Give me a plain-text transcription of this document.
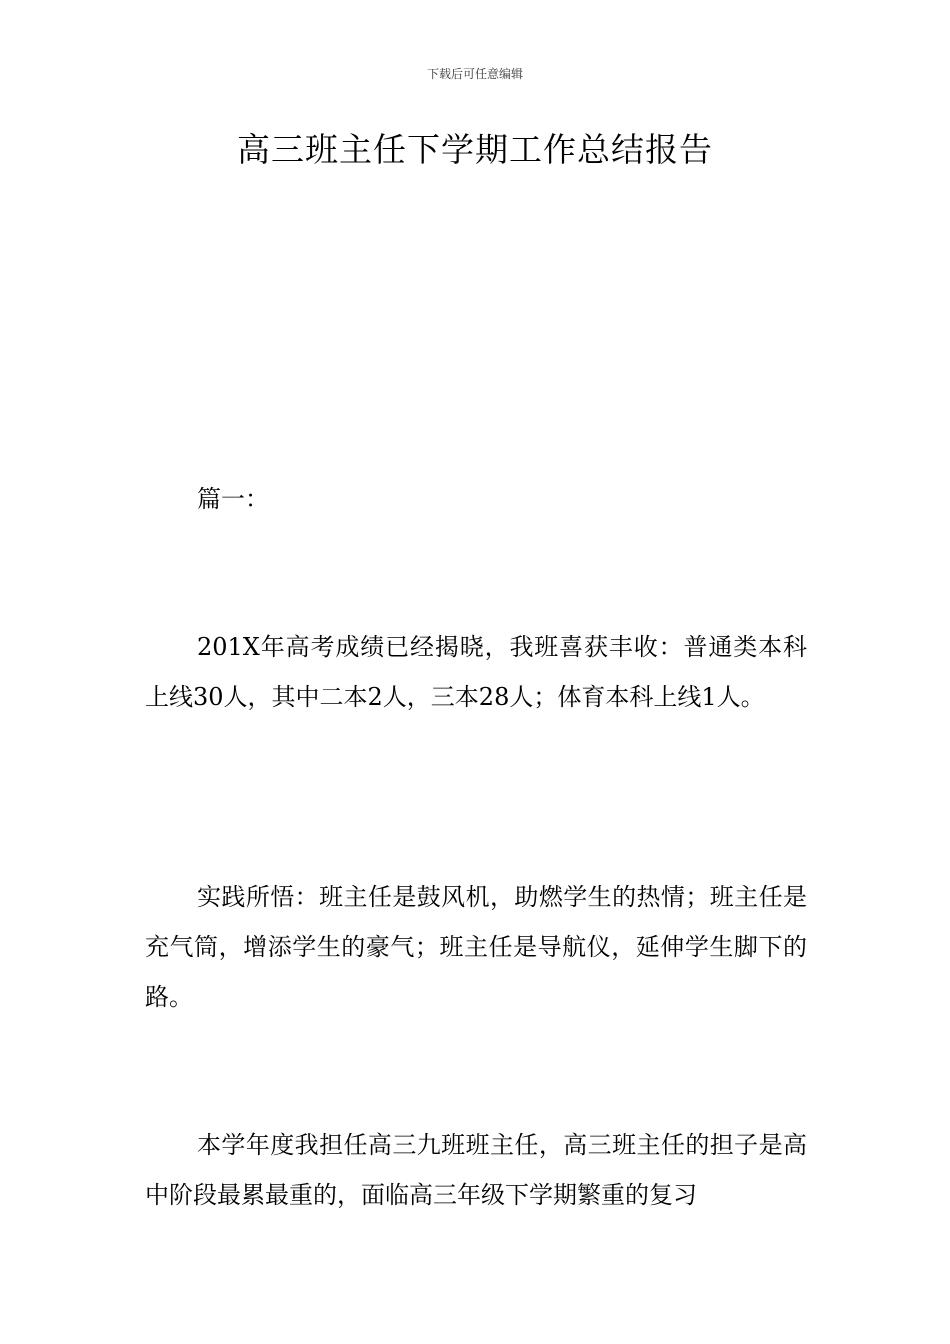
下载后可任意编辑
高三班主任下学期工作总结报告

篇一：

201X年高考成绩已经揭晓，我班喜获丰收：普通类本科上线30人，其中二本2人，三本28人；体育本科上线1人。

实践所悟：班主任是鼓风机，助燃学生的热情；班主任是充气筒，增添学生的豪气；班主任是导航仪，延伸学生脚下的路。

本学年度我担任高三九班班主任，高三班主任的担子是高中阶段最累最重的，面临高三年级下学期繁重的复习
